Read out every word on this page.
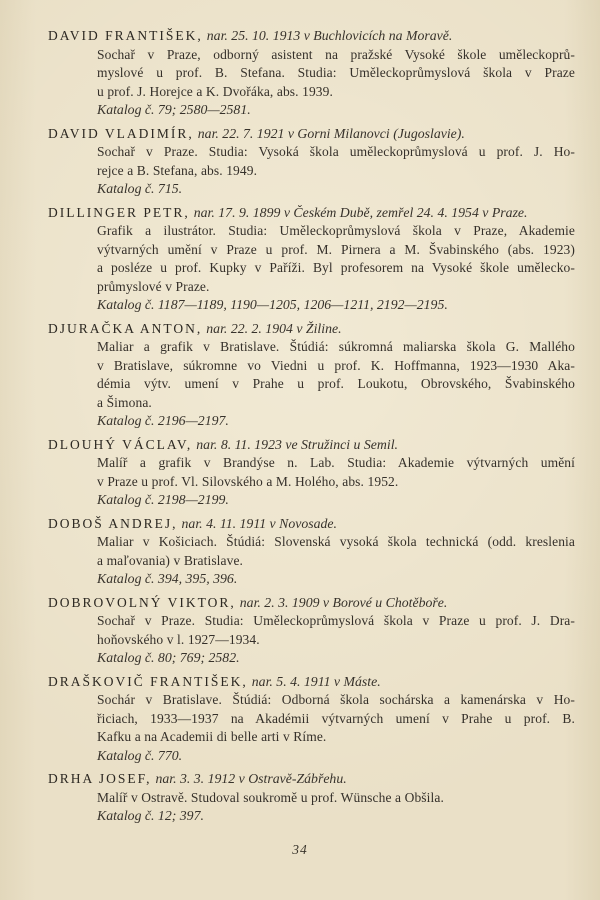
DAVID FRANTIŠEK, nar. 25. 10. 1913 v Buchlovicích na Moravě.
Sochař v Praze, odborný asistent na pražské Vysoké škole uměleckoprů-
myslové u prof. B. Stefana. Studia: Uměleckoprůmyslová škola v Praze
u prof. J. Horejce a K. Dvořáka, abs. 1939.
Katalog č. 79; 2580—2581.
DAVID VLADIMÍR, nar. 22. 7. 1921 v Gorni Milanovci (Jugoslavie).
Sochař v Praze. Studia: Vysoká škola uměleckoprůmyslová u prof. J. Ho-
rejce a B. Stefana, abs. 1949.
Katalog č. 715.
DILLINGER PETR, nar. 17. 9. 1899 v Českém Dubě, zemřel 24. 4. 1954 v Praze.
Grafik a ilustrátor. Studia: Uměleckoprůmyslová škola v Praze, Akademie
výtvarných umění v Praze u prof. M. Pirnera a M. Švabinského (abs. 1923)
a posléze u prof. Kupky v Paříži. Byl profesorem na Vysoké škole umělecko-
průmyslové v Praze.
Katalog č. 1187—1189, 1190—1205, 1206—1211, 2192—2195.
DJURAČKA ANTON, nar. 22. 2. 1904 v Žiline.
Maliar a grafik v Bratislave. Štúdiá: súkromná maliarska škola G. Mallého
v Bratislave, súkromne vo Viedni u prof. K. Hoffmanna, 1923—1930 Aka-
démia výtv. umení v Prahe u prof. Loukotu, Obrovského, Švabinského
a Šimona.
Katalog č. 2196—2197.
DLOUHÝ VÁCLAV, nar. 8. 11. 1923 ve Stružinci u Semil.
Malíř a grafik v Brandýse n. Lab. Studia: Akademie výtvarných umění
v Praze u prof. Vl. Silovského a M. Holého, abs. 1952.
Katalog č. 2198—2199.
DOBOŠ ANDREJ, nar. 4. 11. 1911 v Novosade.
Maliar v Košiciach. Štúdiá: Slovenská vysoká škola technická (odd. kreslenia
a maľovania) v Bratislave.
Katalog č. 394, 395, 396.
DOBROVOLNÝ VIKTOR, nar. 2. 3. 1909 v Borové u Chotěboře.
Sochař v Praze. Studia: Uměleckoprůmyslová škola v Praze u prof. J. Dra-
hoňovského v l. 1927—1934.
Katalog č. 80; 769; 2582.
DRAŠKOVIČ FRANTIŠEK, nar. 5. 4. 1911 v Máste.
Sochár v Bratislave. Štúdiá: Odborná škola sochárska a kamenárska v Ho-
řiciach, 1933—1937 na Akadémii výtvarných umení v Prahe u prof. B.
Kafku a na Academii di belle arti v Ríme.
Katalog č. 770.
DRHA JOSEF, nar. 3. 3. 1912 v Ostravě-Zábřehu.
Malíř v Ostravě. Studoval soukromě u prof. Wünsche a Obšila.
Katalog č. 12; 397.
34
